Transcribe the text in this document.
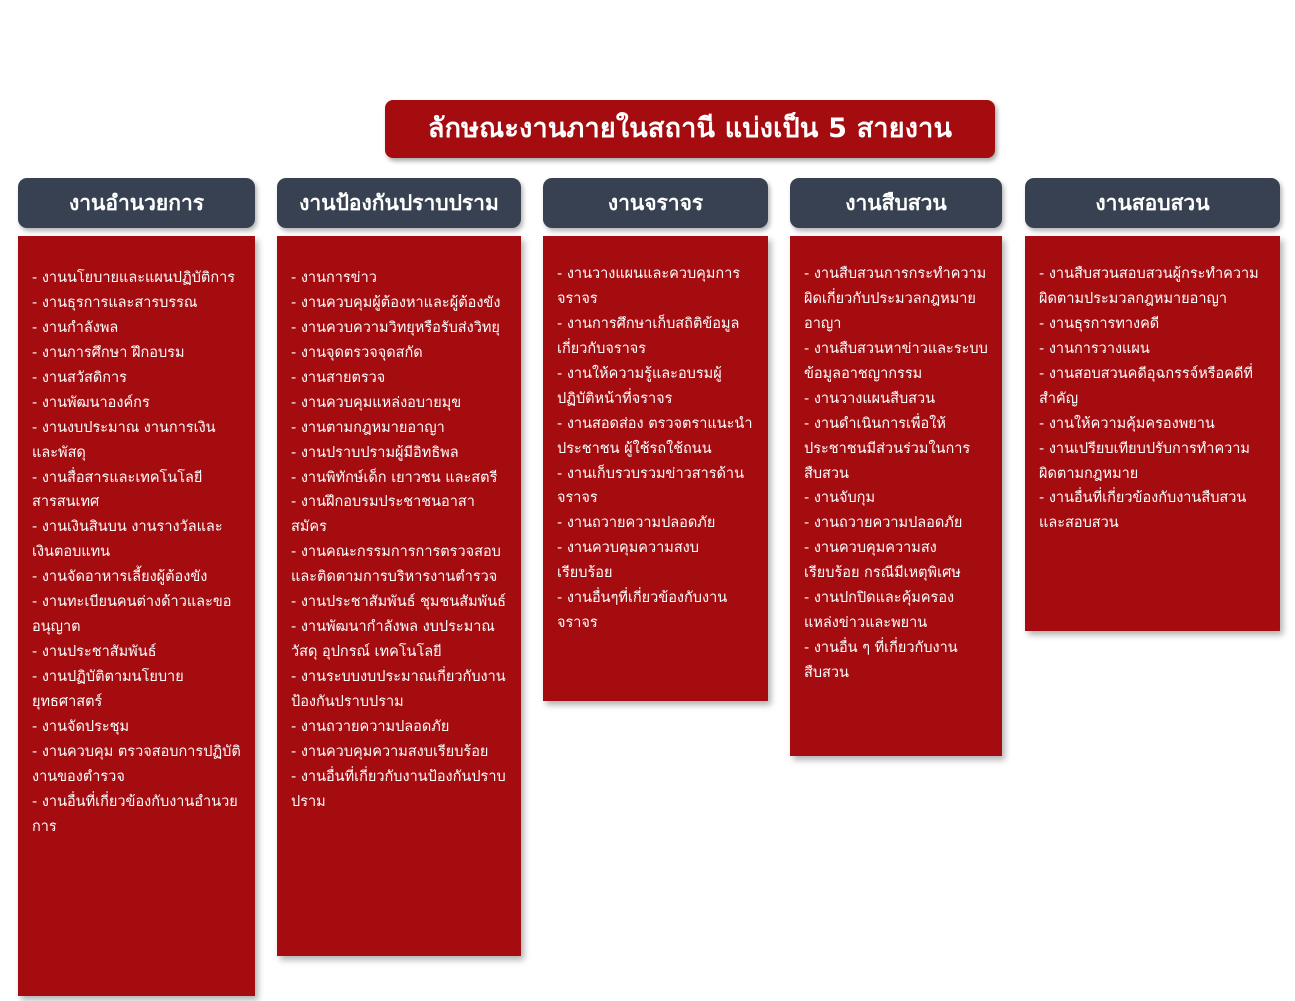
ลักษณะงานภายในสถานี แบ่งเป็น 5 สายงาน
งานอำนวยการ
- งานนโยบายและแผนปฏิบัติการ
- งานธุรการและสารบรรณ
- งานกำลังพล
- งานการศึกษา ฝึกอบรม
- งานสวัสดิการ
- งานพัฒนาองค์กร
- งานงบประมาณ งานการเงินและพัสดุ
- งานสื่อสารและเทคโนโลยีสารสนเทศ
- งานเงินสินบน งานรางวัลและเงินตอบแทน
- งานจัดอาหารเลี้ยงผู้ต้องขัง
- งานทะเบียนคนต่างด้าวและขออนุญาต
- งานประชาสัมพันธ์
- งานปฏิบัติตามนโยบายยุทธศาสตร์
- งานจัดประชุม
- งานควบคุม ตรวจสอบการปฏิบัติงานของตำรวจ
- งานอื่นที่เกี่ยวข้องกับงานอำนวยการ
งานป้องกันปราบปราม
- งานการข่าว
- งานควบคุมผู้ต้องหาและผู้ต้องขัง
- งานควบความวิทยุหรือรับส่งวิทยุ
- งานจุดตรวจจุดสกัด
- งานสายตรวจ
- งานควบคุมแหล่งอบายมุข
- งานตามกฎหมายอาญา
- งานปราบปรามผู้มีอิทธิพล
- งานพิทักษ์เด็ก เยาวชน และสตรี
- งานฝึกอบรมประชาชนอาสาสมัคร
- งานคณะกรรมการการตรวจสอบและติดตามการบริหารงานตำรวจ
- งานประชาสัมพันธ์ ชุมชนสัมพันธ์
- งานพัฒนากำลังพล งบประมาณ วัสดุ อุปกรณ์ เทคโนโลยี
- งานระบบงบประมาณเกี่ยวกับงานป้องกันปราบปราม
- งานถวายความปลอดภัย
- งานควบคุมความสงบเรียบร้อย
- งานอื่นที่เกี่ยวกับงานป้องกันปราบปราม
งานจราจร
- งานวางแผนและควบคุมการจราจร
- งานการศึกษาเก็บสถิติข้อมูลเกี่ยวกับจราจร
- งานให้ความรู้และอบรมผู้ปฏิบัติหน้าที่จราจร
- งานสอดส่อง ตรวจตราแนะนำประชาชน ผู้ใช้รถใช้ถนน
- งานเก็บรวบรวมข่าวสารด้านจราจร
- งานถวายความปลอดภัย
- งานควบคุมความสงบเรียบร้อย
- งานอื่นๆที่เกี่ยวข้องกับงานจราจร
งานสืบสวน
- งานสืบสวนการกระทำความผิดเกี่ยวกับประมวลกฎหมายอาญา
- งานสืบสวนหาข่าวและระบบข้อมูลอาชญากรรม
- งานวางแผนสืบสวน
- งานดำเนินการเพื่อให้ประชาชนมีส่วนร่วมในการสืบสวน
- งานจับกุม
- งานถวายความปลอดภัย
- งานควบคุมความสงเรียบร้อย กรณีมีเหตุพิเศษ
- งานปกปิดและคุ้มครองแหล่งข่าวและพยาน
- งานอื่น ๆ ที่เกี่ยวกับงานสืบสวน
งานสอบสวน
- งานสืบสวนสอบสวนผู้กระทำความผิดตามประมวลกฎหมายอาญา
- งานธุรการทางคดี
- งานการวางแผน
- งานสอบสวนคดีอุฉกรรจ์หรือคดีที่สำคัญ
- งานให้ความคุ้มครองพยาน
- งานเปรียบเทียบปรับการทำความผิดตามกฎหมาย
- งานอื่นที่เกี่ยวข้องกับงานสืบสวนและสอบสวน
